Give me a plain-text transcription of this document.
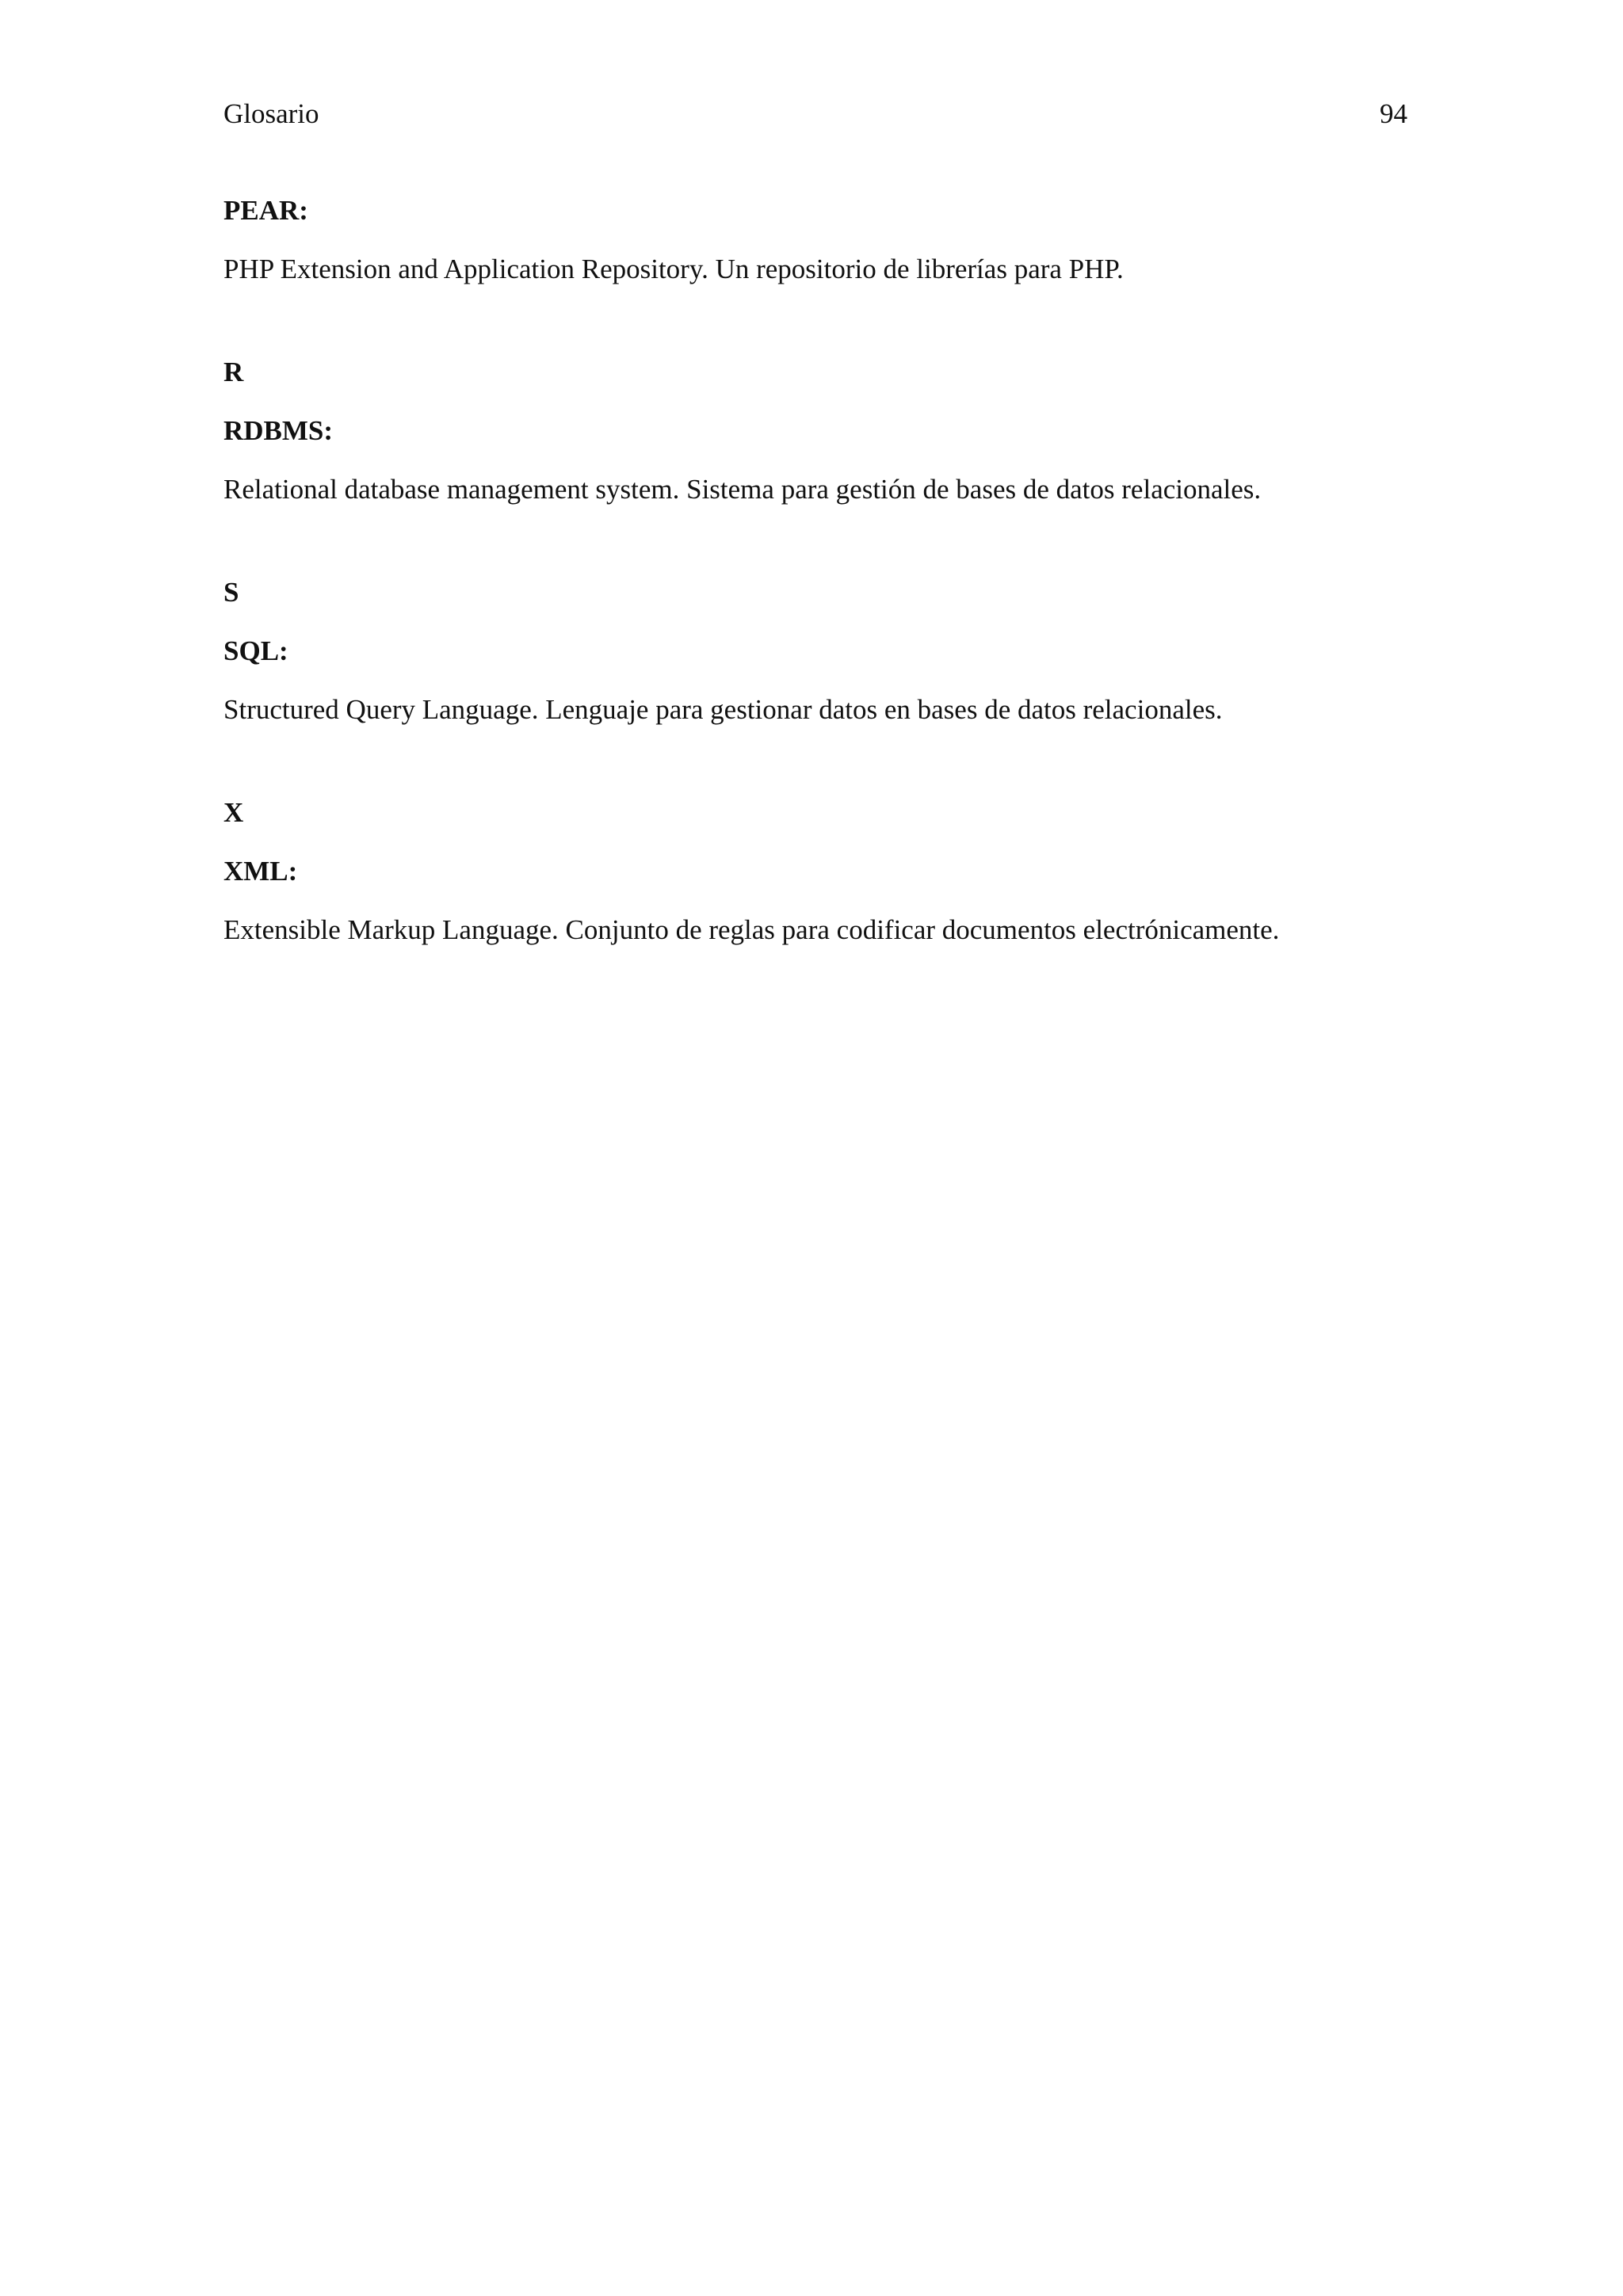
Glosario	94
PEAR:

PHP Extension and Application Repository. Un repositorio de librerías para PHP.

R
RDBMS:

Relational database management system. Sistema para gestión de bases de datos relacionales.

S
SQL:

Structured Query Language. Lenguaje para gestionar datos en bases de datos relacionales.

X
XML:

Extensible Markup Language. Conjunto de reglas para codificar documentos electrónicamente.
